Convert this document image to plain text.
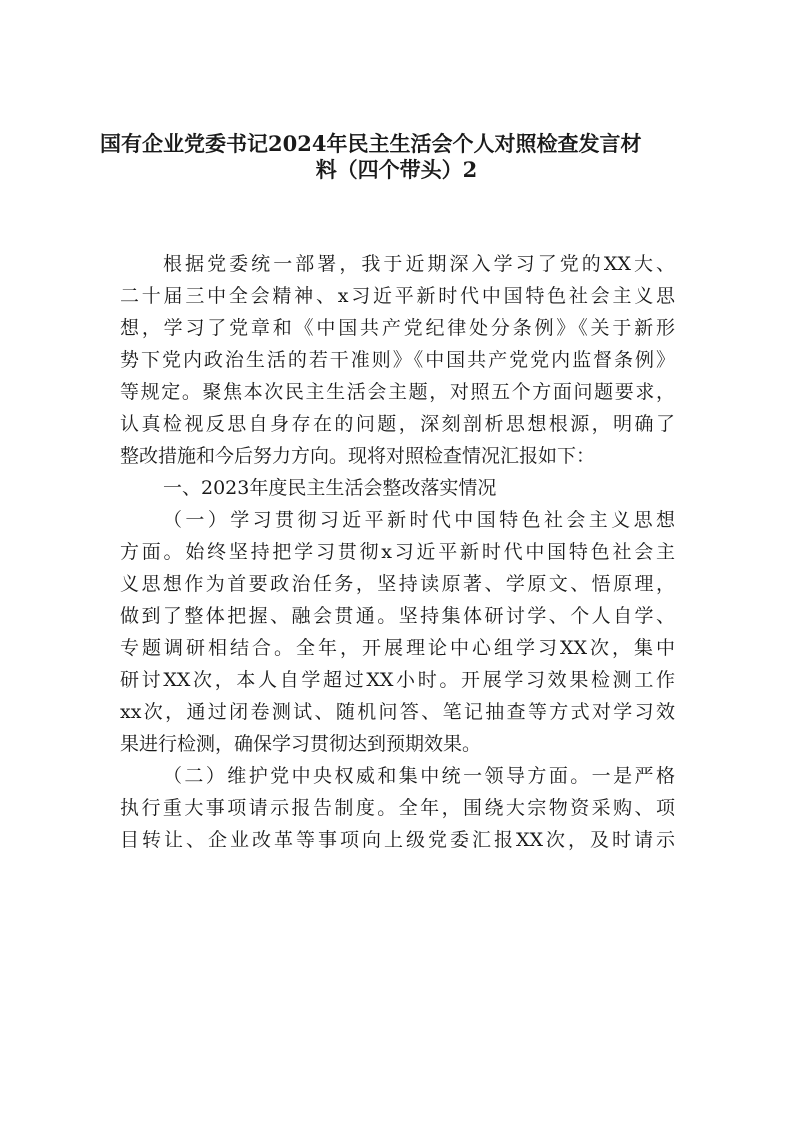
国有企业党委书记2024年民主生活会个人对照检查发言材
料（四个带头）2
根据党委统一部署，我于近期深入学习了党的XX大、
二十届三中全会精神、x习近平新时代中国特色社会主义思
想，学习了党章和《中国共产党纪律处分条例》《关于新形
势下党内政治生活的若干准则》《中国共产党党内监督条例》
等规定。聚焦本次民主生活会主题，对照五个方面问题要求，
认真检视反思自身存在的问题，深刻剖析思想根源，明确了
整改措施和今后努力方向。现将对照检查情况汇报如下：
一、2023年度民主生活会整改落实情况
（一）学习贯彻习近平新时代中国特色社会主义思想
方面。始终坚持把学习贯彻x习近平新时代中国特色社会主
义思想作为首要政治任务，坚持读原著、学原文、悟原理，
做到了整体把握、融会贯通。坚持集体研讨学、个人自学、
专题调研相结合。全年，开展理论中心组学习XX次，集中
研讨XX次，本人自学超过XX小时。开展学习效果检测工作
xx次，通过闭卷测试、随机问答、笔记抽查等方式对学习效
果进行检测，确保学习贯彻达到预期效果。
（二）维护党中央权威和集中统一领导方面。一是严格
执行重大事项请示报告制度。全年，围绕大宗物资采购、项
目转让、企业改革等事项向上级党委汇报XX次，及时请示
